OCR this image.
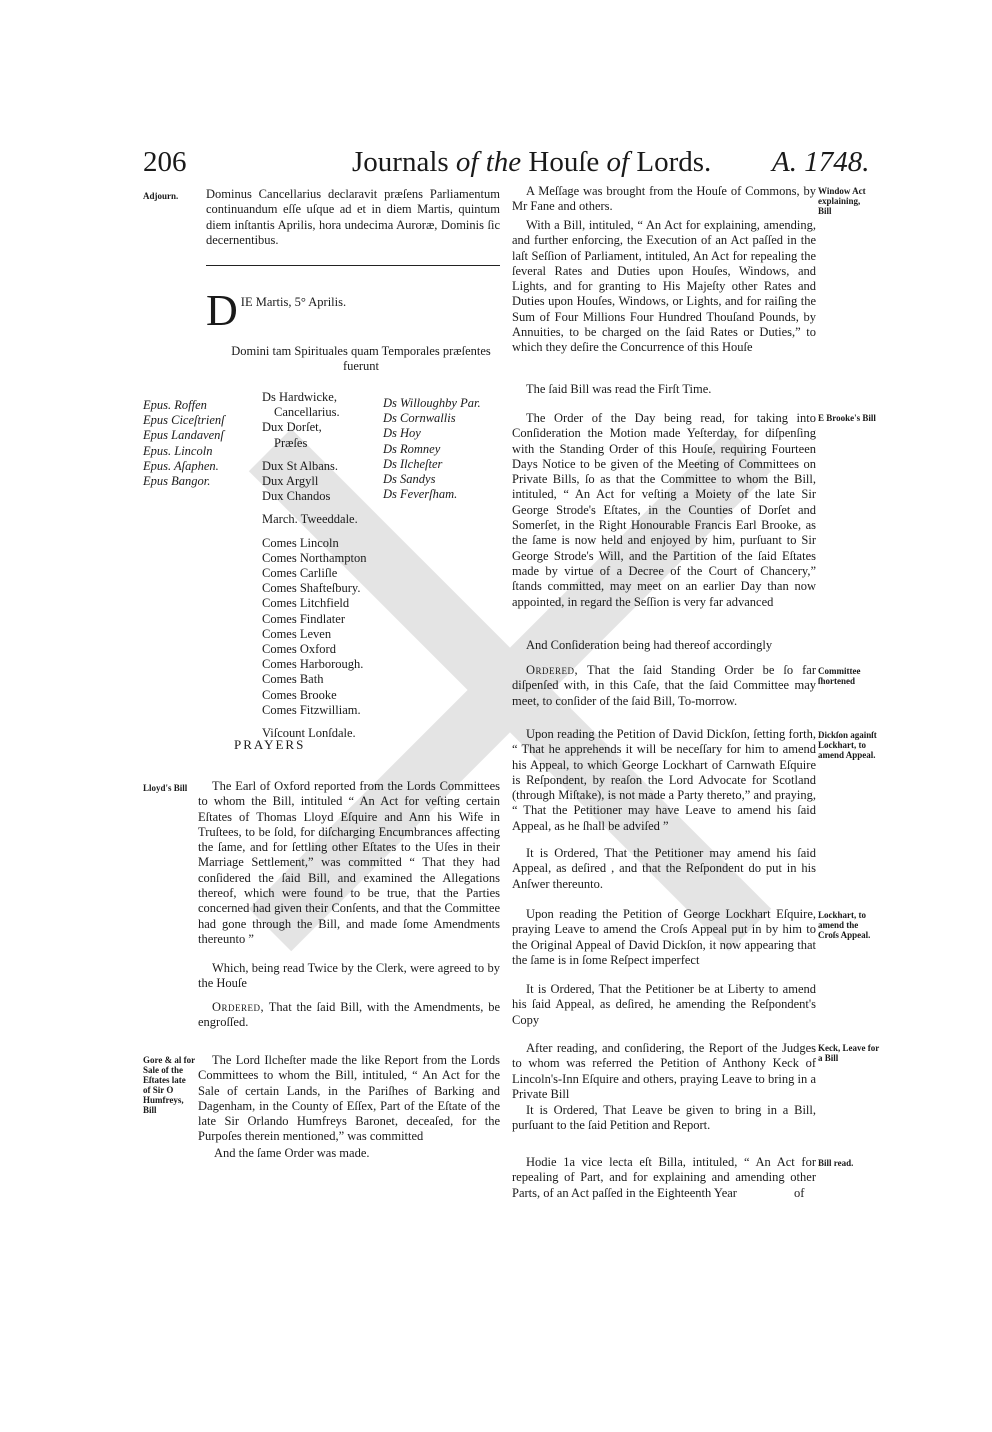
206	Journals of the Houſe of Lords. A. 1748.
Adjourn. Dominus Cancellarius declaravit præſens Parliamentum continuandum eſſe uſque ad et in diem Martis, quintum diem inſtantis Aprilis, hora undecima Auroræ, Dominis ſic decernentibus.
D IE Martis, 5° Aprilis.
Domini tam Spirituales quam Temporales præſentes fuerunt
Epus. Roffen
Epus Ciceſtrienſ
Epus Landavenſ
Epus. Lincoln
Epus. Aſaphen.
Epus Bangor.
Ds Hardwicke,
Cancellarius.
Dux Dorſet,
Præſes
Dux St Albans.
Dux Argyll
Dux Chandos
March. Tweeddale.
Comes Lincoln
Comes Northampton
Comes Carliſle
Comes Shafteſbury.
Comes Litchfield
Comes Findlater
Comes Leven
Comes Oxford
Comes Harborough.
Comes Bath
Comes Brooke
Comes Fitzwilliam.
Viſcount Lonſdale.
Ds Willoughby Par.
Ds Cornwallis
Ds Hoy
Ds Romney
Ds Ilcheſter
Ds Sandys
Ds Feverſham.
PRAYERS
Lloyd's Bill	The Earl of Oxford reported from the Lords Committees to whom the Bill, intituled “ An Act for veſting certain Eſtates of Thomas Lloyd Eſquire and Ann his Wife in Truſtees, to be ſold, for diſcharging Encumbrances affecting the ſame, and for ſettling other Eſtates to the Uſes in their Marriage Settlement,” was committed “ That they had conſidered the ſaid Bill, and examined the Allegations thereof, which were found to be true, that the Parties concerned had given their Conſents, and that the Committee had gone through the Bill, and made ſome Amendments thereunto ”
Which, being read Twice by the Clerk, were agreed to by the Houſe
Ordered, That the ſaid Bill, with the Amendments, be engroſſed.
Gore & al for Sale of the Eſtates late of Sir O Humfreys, Bill
The Lord Ilcheſter made the like Report from the Lords Committees to whom the Bill, intituled, “ An Act for the Sale of certain Lands, in the Pariſhes of Barking and Dagenham, in the County of Eſſex, Part of the Eſtate of the late Sir Orlando Humfreys Baronet, deceaſed, for the Purpoſes therein mentioned,” was committed
And the ſame Order was made.
Window Act explaining, Bill
A Meſſage was brought from the Houſe of Commons, by Mr Fane and others.
With a Bill, intituled, “ An Act for explaining, amending, and further enforcing, the Execution of an Act paſſed in the laſt Seſſion of Parliament, intituled, An Act for repealing the ſeveral Rates and Duties upon Houſes, Windows, and Lights, and for granting to His Majeſty other Rates and Duties upon Houſes, Windows, or Lights, and for raiſing the Sum of Four Millions Four Hundred Thouſand Pounds, by Annuities, to be charged on the ſaid Rates or Duties,” to which they deſire the Concurrence of this Houſe
The ſaid Bill was read the Firſt Time.
E Brooke's Bill
The Order of the Day being read, for taking into Conſideration the Motion made Yeſterday, for diſpenſing with the Standing Order of this Houſe, requiring Fourteen Days Notice to be given of the Meeting of Committees on Private Bills, ſo as that the Committee to whom the Bill, intituled, “ An Act for veſting a Moiety of the late Sir George Strode's Eſtates, in the Counties of Dorſet and Somerſet, in the Right Honourable Francis Earl Brooke, as the ſame is now held and enjoyed by him, purſuant to Sir George Strode's Will, and the Partition of the ſaid Eſtates made by virtue of a Decree of the Court of Chancery,” ſtands committed, may meet on an earlier Day than now appointed, in regard the Seſſion is very far advanced
And Conſideration being had thereof accordingly
Committee ſhortened
Ordered, That the ſaid Standing Order be ſo far diſpenſed with, in this Caſe, that the ſaid Committee may meet, to conſider of the ſaid Bill, To-morrow.
Dickſon againſt Lockhart, to amend Appeal.
Upon reading the Petition of David Dickſon, ſetting forth, “ That he apprehends it will be neceſſary for him to amend his Appeal, to which George Lockhart of Carnwath Eſquire is Reſpondent, by reaſon the Lord Advocate for Scotland (through Miſtake), is not made a Party thereto,” and praying, “ That the Petitioner may have Leave to amend his ſaid Appeal, as he ſhall be adviſed ”
It is Ordered, That the Petitioner may amend his ſaid Appeal, as deſired , and that the Reſpondent do put in his Anſwer thereunto.
Lockhart, to amend the Croſs Appeal.
Upon reading the Petition of George Lockhart Eſquire, praying Leave to amend the Croſs Appeal put in by him to the Original Appeal of David Dickſon, it now appearing that the ſame is in ſome Reſpect imperfect
It is Ordered, That the Petitioner be at Liberty to amend his ſaid Appeal, as deſired, he amending the Reſpondent's Copy
Keck, Leave for a Bill
After reading, and conſidering, the Report of the Judges to whom was referred the Petition of Anthony Keck of Lincoln's-Inn Eſquire and others, praying Leave to bring in a Private Bill
It is Ordered, That Leave be given to bring in a Bill, purſuant to the ſaid Petition and Report.
Bill read.
Hodie 1a vice lecta eſt Billa, intituled, “ An Act for repealing of Part, and for explaining and amending other Parts, of an Act paſſed in the Eighteenth Year	of
